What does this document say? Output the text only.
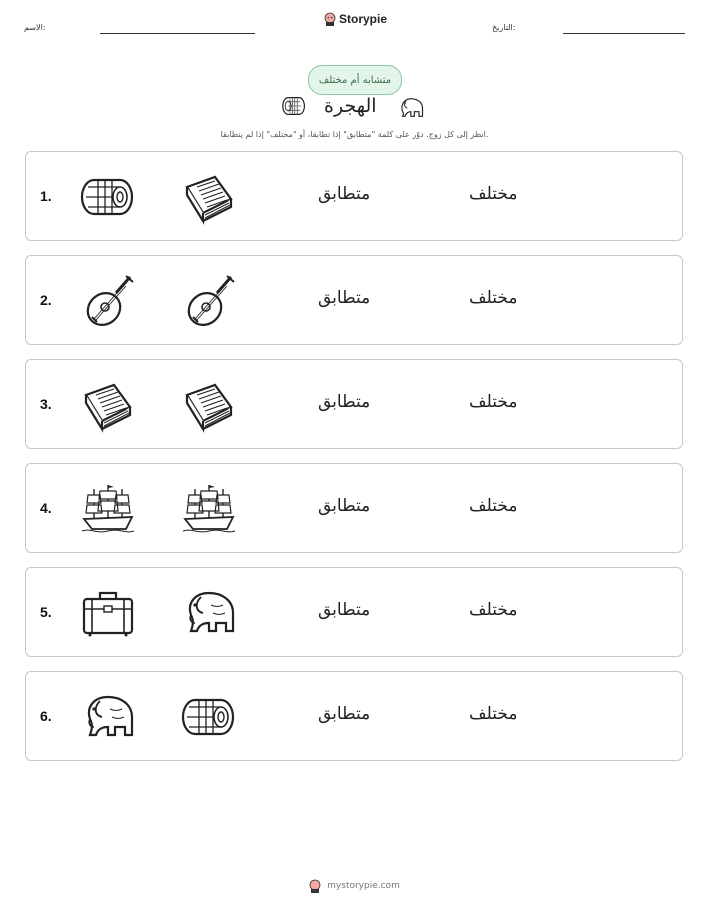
الاسم:
Storypie
التاريخ:
متشابه أم مختلف
الهجرة
انظر إلى كل زوج. دوّر على كلمة "متطابق" إذا تطابقا، أو "مختلف" إذا لم يتطابقا.
1.	متطابق	مختلف
2.	متطابق	مختلف
3.	متطابق	مختلف
4.	متطابق	مختلف
5.	متطابق	مختلف
6.	متطابق	مختلف
mystorypie.com
